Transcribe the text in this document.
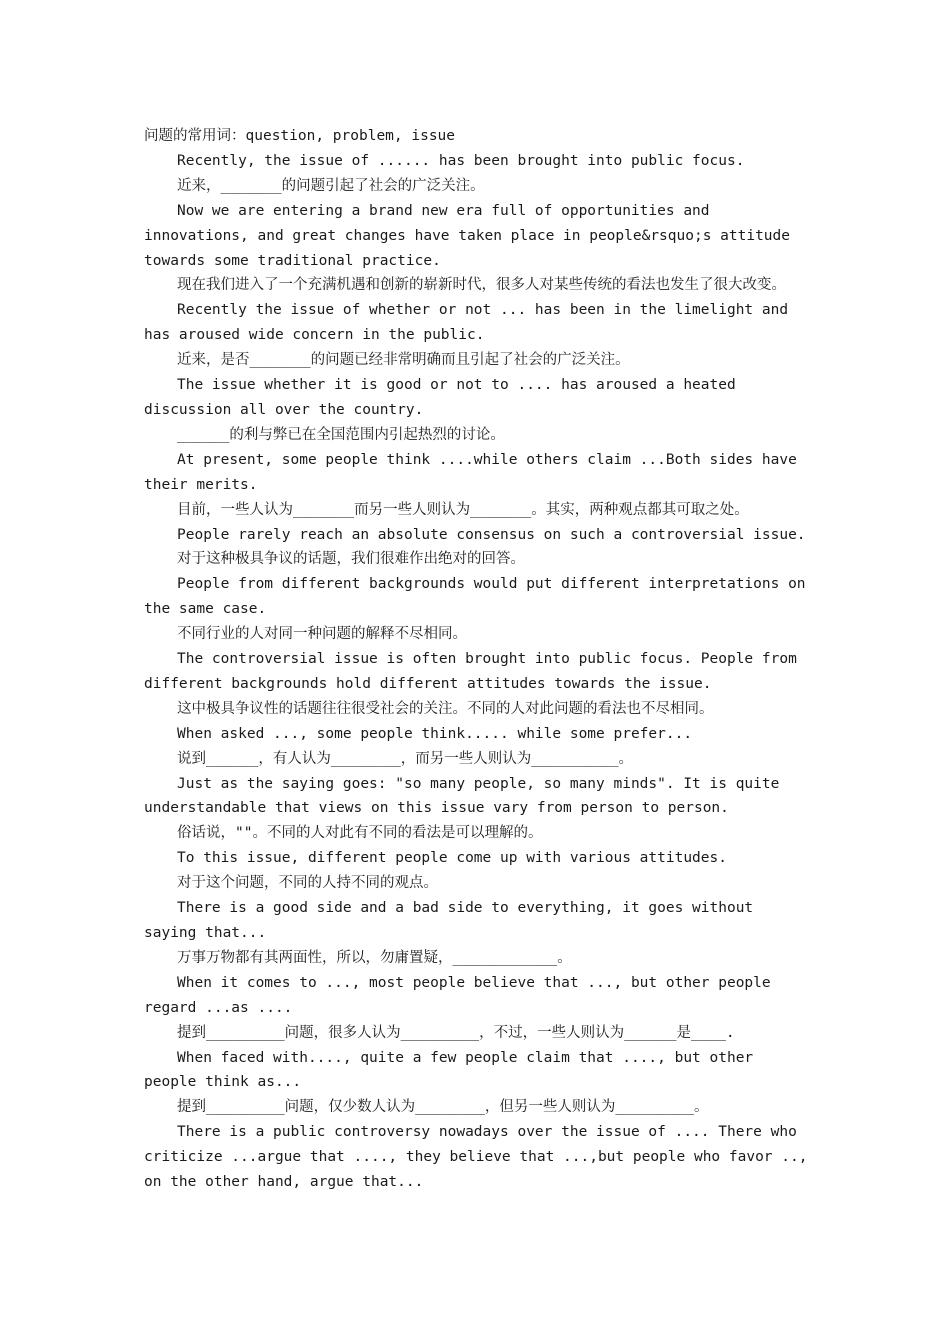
问题的常用词：question, problem, issue

Recently, the issue of ...... has been brought into public focus.

近来，_______的问题引起了社会的广泛关注。

Now we are entering a brand new era full of opportunities and innovations, and great changes have taken place in people&rsquo;s attitude towards some traditional practice.

现在我们进入了一个充满机遇和创新的崭新时代，很多人对某些传统的看法也发生了很大改变。

Recently the issue of whether or not ... has been in the limelight and has aroused wide concern in the public.

近来，是否_______的问题已经非常明确而且引起了社会的广泛关注。

The issue whether it is good or not to .... has aroused a heated discussion all over the country.

______的利与弊已在全国范围内引起热烈的讨论。

At present, some people think ....while others claim ...Both sides have their merits.

目前，一些人认为_______而另一些人则认为_______。其实，两种观点都其可取之处。

People rarely reach an absolute consensus on such a controversial issue.

对于这种极具争议的话题，我们很难作出绝对的回答。

People from different backgrounds would put different interpretations on the same case.

不同行业的人对同一种问题的解释不尽相同。

The controversial issue is often brought into public focus. People from different backgrounds hold different attitudes towards the issue.

这中极具争议性的话题往往很受社会的关注。不同的人对此问题的看法也不尽相同。

When asked ..., some people think..... while some prefer...

说到______，有人认为________，而另一些人则认为__________。

Just as the saying goes: "so many people, so many minds". It is quite understandable that views on this issue vary from person to person.

俗话说，""。不同的人对此有不同的看法是可以理解的。

To this issue, different people come up with various attitudes.

对于这个问题，不同的人持不同的观点。

There is a good side and a bad side to everything, it goes without saying that...

万事万物都有其两面性，所以，勿庸置疑，____________。

When it comes to ..., most people believe that ..., but other people regard ...as ....

提到_________问题，很多人认为_________，不过，一些人则认为______是____.

When faced with...., quite a few people claim that ...., but other people think as...

提到_________问题，仅少数人认为________，但另一些人则认为_________。

There is a public controversy nowadays over the issue of .... There who criticize ...argue that ...., they believe that ...,but people who favor .., on the other hand, argue that...
